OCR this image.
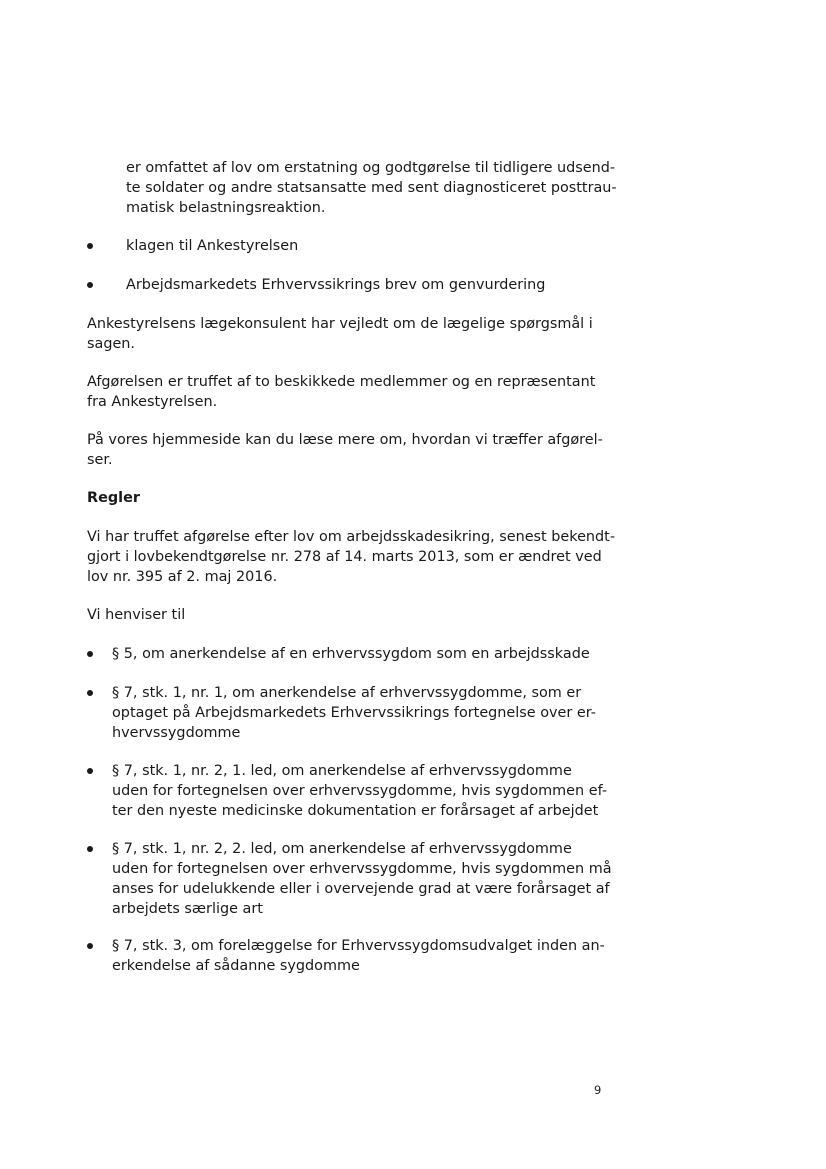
er omfattet af lov om erstatning og godtgørelse til tidligere udsend-
te soldater og andre statsansatte med sent diagnosticeret posttrau-
matisk belastningsreaktion.
klagen til Ankestyrelsen
Arbejdsmarkedets Erhvervssikrings brev om genvurdering
Ankestyrelsens lægekonsulent har vejledt om de lægelige spørgsmål i
sagen.
Afgørelsen er truffet af to beskikkede medlemmer og en repræsentant
fra Ankestyrelsen.
På vores hjemmeside kan du læse mere om, hvordan vi træffer afgørel-
ser.
Regler
Vi har truffet afgørelse efter lov om arbejdsskadesikring, senest bekendt-
gjort i lovbekendtgørelse nr. 278 af 14. marts 2013, som er ændret ved
lov nr. 395 af 2. maj 2016.
Vi henviser til
§ 5, om anerkendelse af en erhvervssygdom som en arbejdsskade
§ 7, stk. 1, nr. 1, om anerkendelse af erhvervssygdomme, som er
optaget på Arbejdsmarkedets Erhvervssikrings fortegnelse over er-
hvervssygdomme
§ 7, stk. 1, nr. 2, 1. led, om anerkendelse af erhvervssygdomme
uden for fortegnelsen over erhvervssygdomme, hvis sygdommen ef-
ter den nyeste medicinske dokumentation er forårsaget af arbejdet
§ 7, stk. 1, nr. 2, 2. led, om anerkendelse af erhvervssygdomme
uden for fortegnelsen over erhvervssygdomme, hvis sygdommen må
anses for udelukkende eller i overvejende grad at være forårsaget af
arbejdets særlige art
§ 7, stk. 3, om forelæggelse for Erhvervssygdomsudvalget inden an-
erkendelse af sådanne sygdomme
9
